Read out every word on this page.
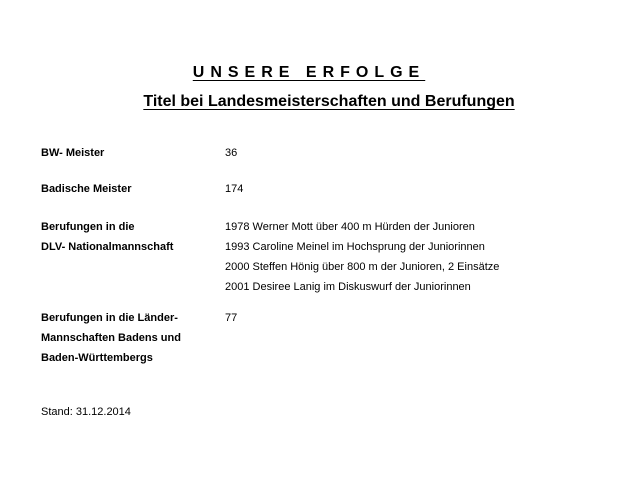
UNSERE ERFOLGE
Titel bei Landesmeisterschaften und Berufungen
BW- Meister	36
Badische Meister	174
Berufungen in die
DLV- Nationalmannschaft
1978 Werner Mott über 400 m Hürden der Junioren
1993 Caroline Meinel im Hochsprung der Juniorinnen
2000 Steffen Hönig über 800 m der Junioren, 2 Einsätze
2001 Desiree Lanig im Diskuswurf der Juniorinnen
Berufungen in die Länder-
Mannschaften Badens und
Baden-Württembergs
77
Stand: 31.12.2014
